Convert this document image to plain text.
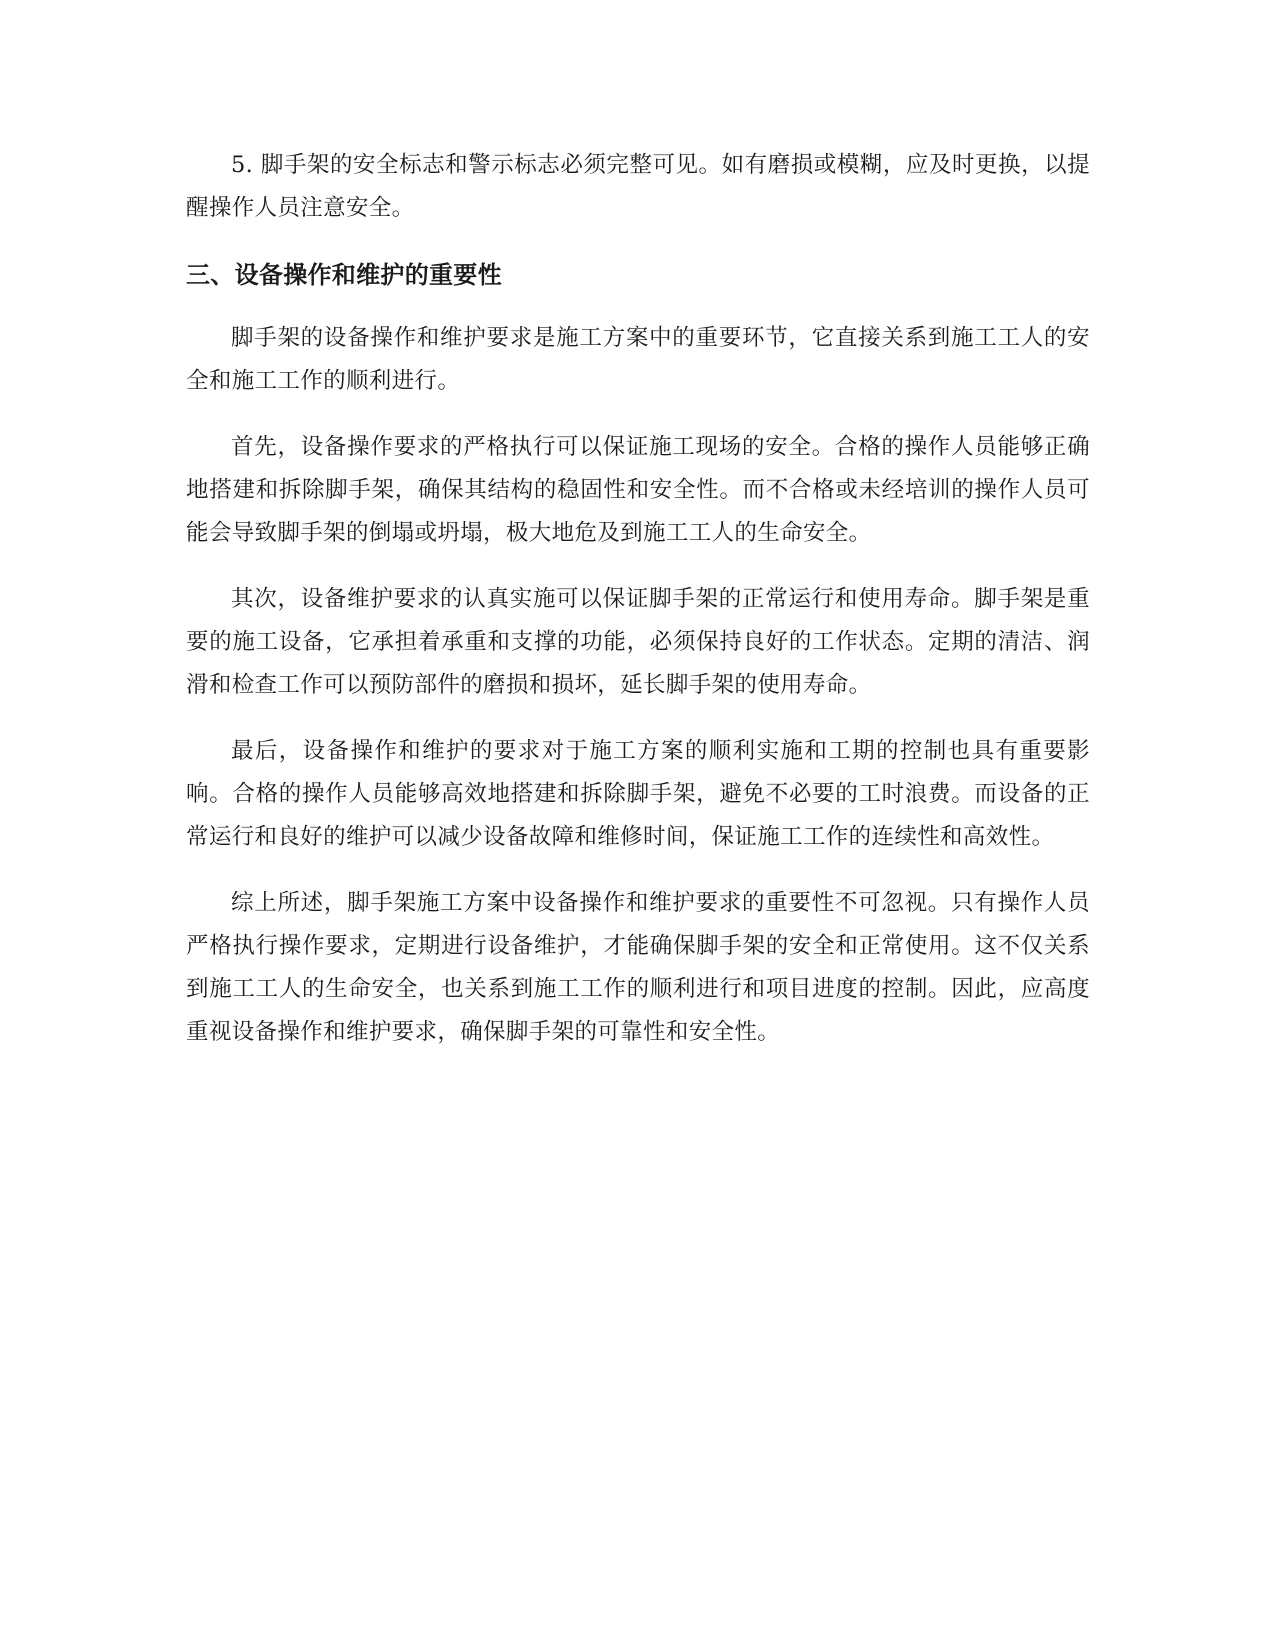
5. 脚手架的安全标志和警示标志必须完整可见。如有磨损或模糊，应及时更换，以提醒操作人员注意安全。

三、设备操作和维护的重要性

脚手架的设备操作和维护要求是施工方案中的重要环节，它直接关系到施工工人的安全和施工工作的顺利进行。

首先，设备操作要求的严格执行可以保证施工现场的安全。合格的操作人员能够正确地搭建和拆除脚手架，确保其结构的稳固性和安全性。而不合格或未经培训的操作人员可能会导致脚手架的倒塌或坍塌，极大地危及到施工工人的生命安全。

其次，设备维护要求的认真实施可以保证脚手架的正常运行和使用寿命。脚手架是重要的施工设备，它承担着承重和支撑的功能，必须保持良好的工作状态。定期的清洁、润滑和检查工作可以预防部件的磨损和损坏，延长脚手架的使用寿命。

最后，设备操作和维护的要求对于施工方案的顺利实施和工期的控制也具有重要影响。合格的操作人员能够高效地搭建和拆除脚手架，避免不必要的工时浪费。而设备的正常运行和良好的维护可以减少设备故障和维修时间，保证施工工作的连续性和高效性。

综上所述，脚手架施工方案中设备操作和维护要求的重要性不可忽视。只有操作人员严格执行操作要求，定期进行设备维护，才能确保脚手架的安全和正常使用。这不仅关系到施工工人的生命安全，也关系到施工工作的顺利进行和项目进度的控制。因此，应高度重视设备操作和维护要求，确保脚手架的可靠性和安全性。
